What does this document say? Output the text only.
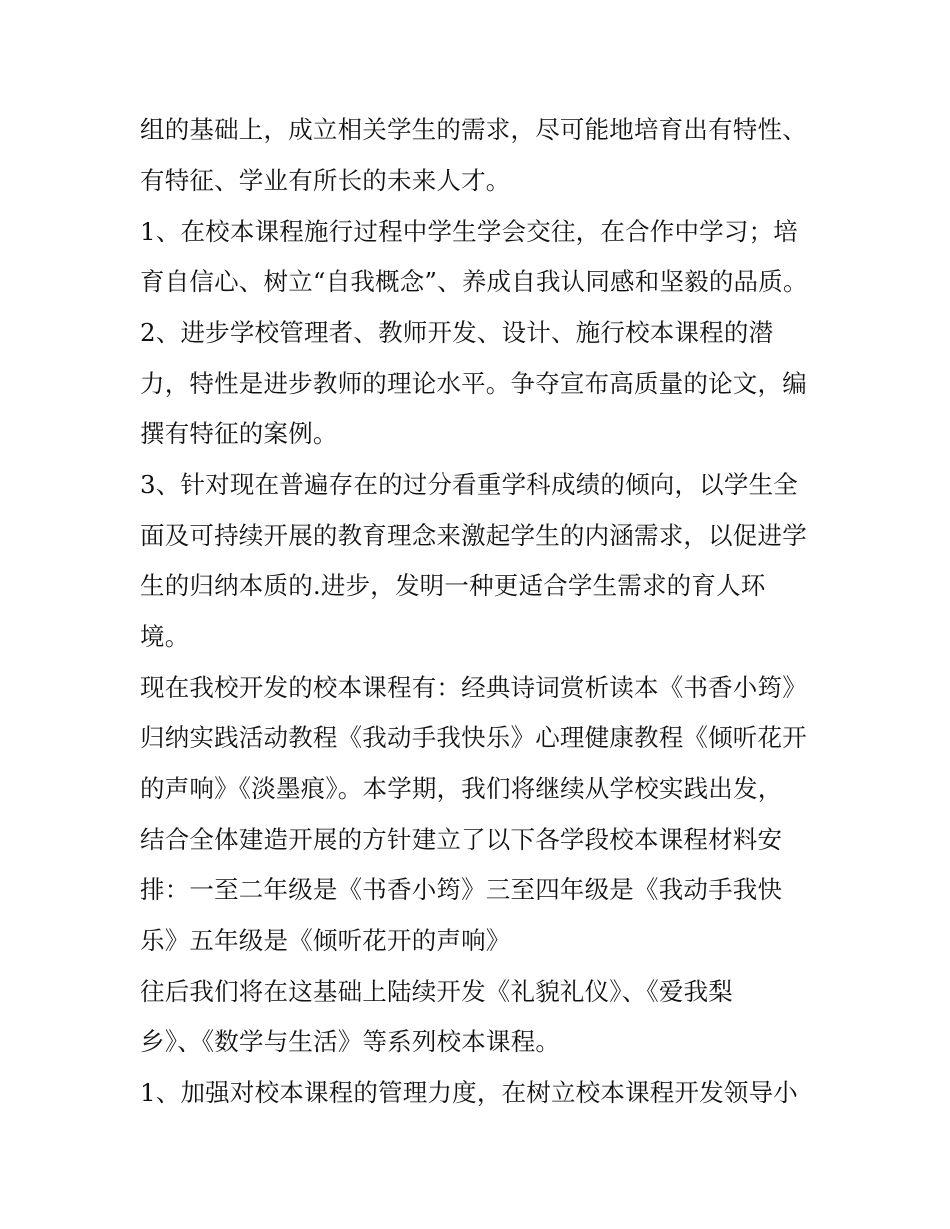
组的基础上，成立相关学生的需求，尽可能地培育出有特性、
有特征、学业有所长的未来人才。
1、在校本课程施行过程中学生学会交往，在合作中学习；培
育自信心、树立“自我概念”、养成自我认同感和坚毅的品质。
2、进步学校管理者、教师开发、设计、施行校本课程的潜
力，特性是进步教师的理论水平。争夺宣布高质量的论文，编
撰有特征的案例。
3、针对现在普遍存在的过分看重学科成绩的倾向，以学生全
面及可持续开展的教育理念来激起学生的内涵需求，以促进学
生的归纳本质的.进步，发明一种更适合学生需求的育人环
境。
现在我校开发的校本课程有：经典诗词赏析读本《书香小筠》
归纳实践活动教程《我动手我快乐》心理健康教程《倾听花开
的声响》《淡墨痕》。本学期，我们将继续从学校实践出发，
结合全体建造开展的方针建立了以下各学段校本课程材料安
排：一至二年级是《书香小筠》三至四年级是《我动手我快
乐》五年级是《倾听花开的声响》
往后我们将在这基础上陆续开发《礼貌礼仪》、《爱我梨
乡》、《数学与生活》等系列校本课程。
1、加强对校本课程的管理力度，在树立校本课程开发领导小
